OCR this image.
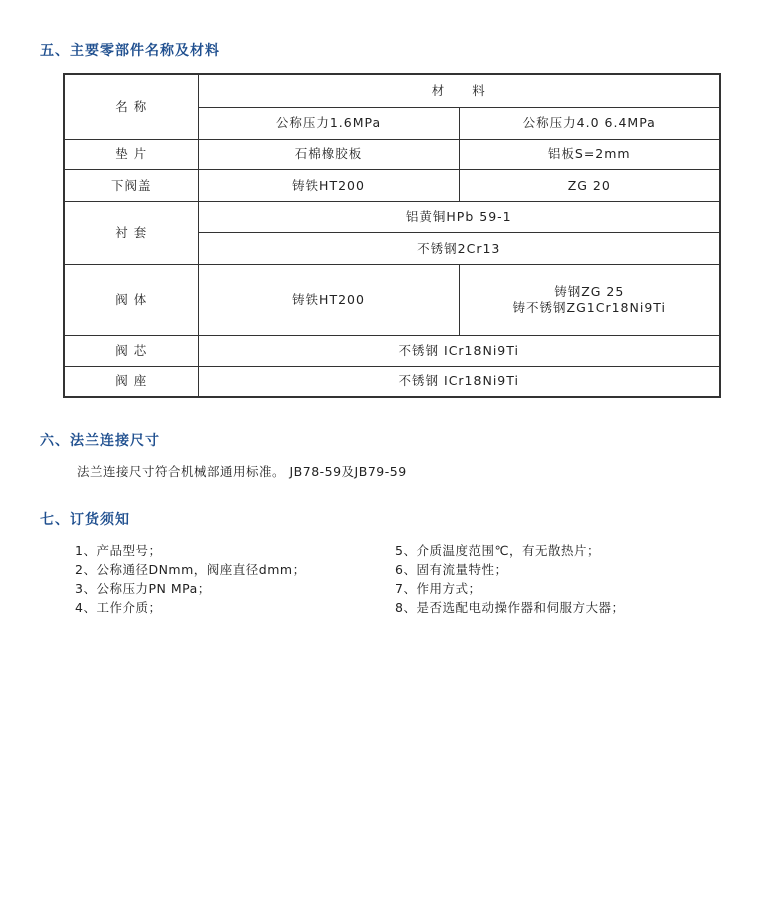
五、主要零部件名称及材料
名 称	材　　料	
	公称压力1.6MPa	公称压力4.0 6.4MPa
垫 片	石棉橡胶板	铝板S=2mm
下阀盖	铸铁HT200	ZG 20
衬 套	铝黄铜HPb 59-1	
	不锈钢2Cr13	
阀 体	铸铁HT200	铸钢ZG 25
铸不锈钢ZG1Cr18Ni9Ti

阀 芯	不锈钢 ICr18Ni9Ti	
阀 座	不锈钢 ICr18Ni9Ti	
六、法兰连接尺寸
法兰连接尺寸符合机械部通用标准。 JB78-59及JB79-59
七、订货须知
1、产品型号；
2、公称通径DNmm，阀座直径dmm；
3、公称压力PN MPa；
4、工作介质；
5、介质温度范围℃，有无散热片；
6、固有流量特性；
7、作用方式；
8、是否选配电动操作器和伺服方大器；
